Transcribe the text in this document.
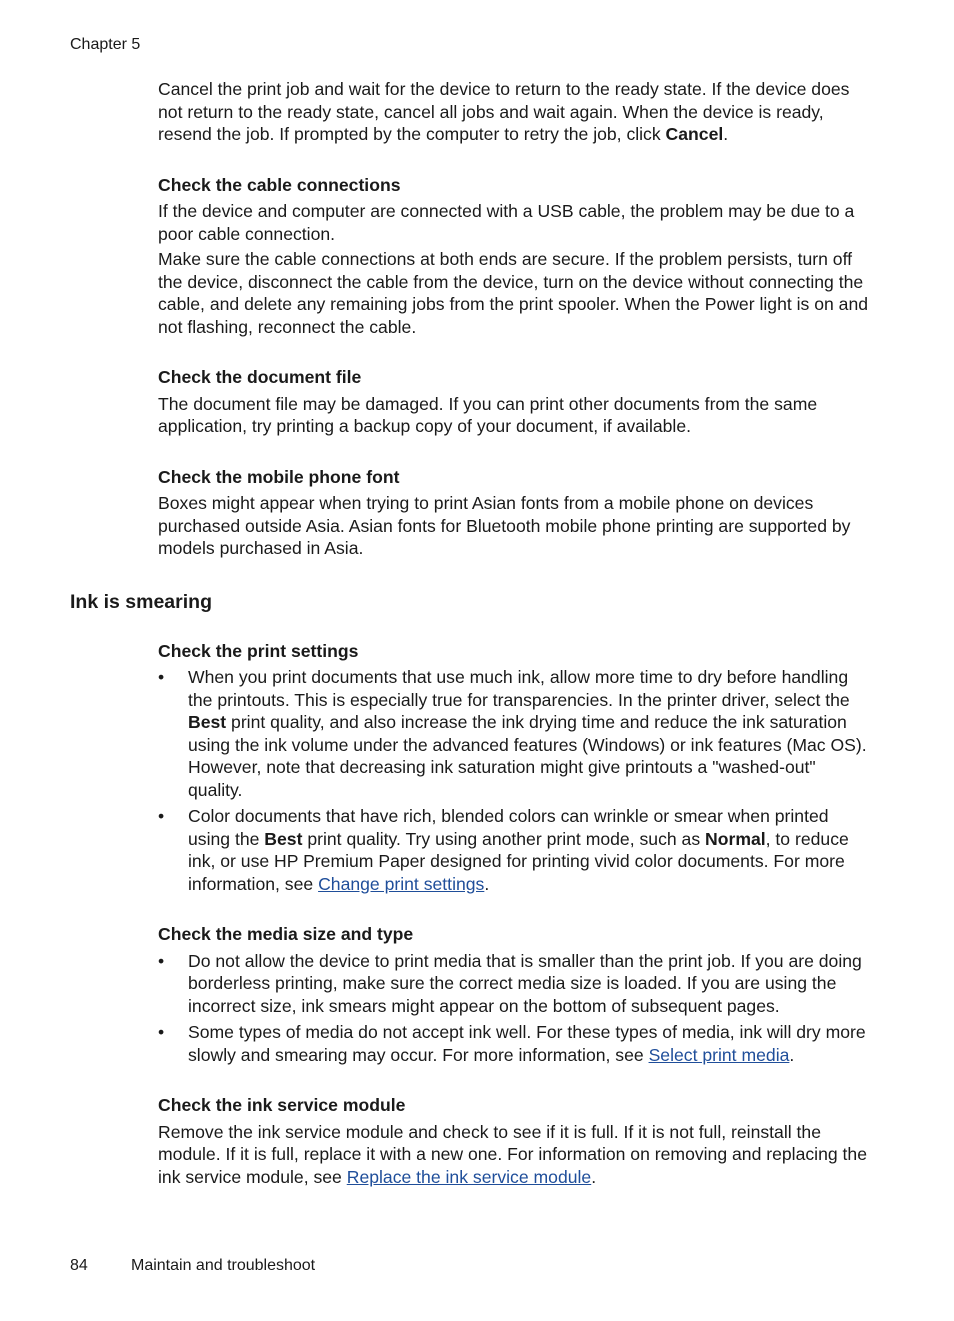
Chapter 5

Cancel the print job and wait for the device to return to the ready state. If the device does not return to the ready state, cancel all jobs and wait again. When the device is ready, resend the job. If prompted by the computer to retry the job, click Cancel.

Check the cable connections

If the device and computer are connected with a USB cable, the problem may be due to a poor cable connection.

Make sure the cable connections at both ends are secure. If the problem persists, turn off the device, disconnect the cable from the device, turn on the device without connecting the cable, and delete any remaining jobs from the print spooler. When the Power light is on and not flashing, reconnect the cable.

Check the document file

The document file may be damaged. If you can print other documents from the same application, try printing a backup copy of your document, if available.

Check the mobile phone font

Boxes might appear when trying to print Asian fonts from a mobile phone on devices purchased outside Asia. Asian fonts for Bluetooth mobile phone printing are supported by models purchased in Asia.

Ink is smearing
Check the print settings
• When you print documents that use much ink, allow more time to dry before handling the printouts. This is especially true for transparencies. In the printer driver, select the Best print quality, and also increase the ink drying time and reduce the ink saturation using the ink volume under the advanced features (Windows) or ink features (Mac OS). However, note that decreasing ink saturation might give printouts a "washed-out" quality.
• Color documents that have rich, blended colors can wrinkle or smear when printed using the Best print quality. Try using another print mode, such as Normal, to reduce ink, or use HP Premium Paper designed for printing vivid color documents. For more information, see Change print settings.
Check the media size and type
• Do not allow the device to print media that is smaller than the print job. If you are doing borderless printing, make sure the correct media size is loaded. If you are using the incorrect size, ink smears might appear on the bottom of subsequent pages.
• Some types of media do not accept ink well. For these types of media, ink will dry more slowly and smearing may occur. For more information, see Select print media.
Check the ink service module

Remove the ink service module and check to see if it is full. If it is not full, reinstall the module. If it is full, replace it with a new one. For information on removing and replacing the ink service module, see Replace the ink service module.

84	Maintain and troubleshoot
